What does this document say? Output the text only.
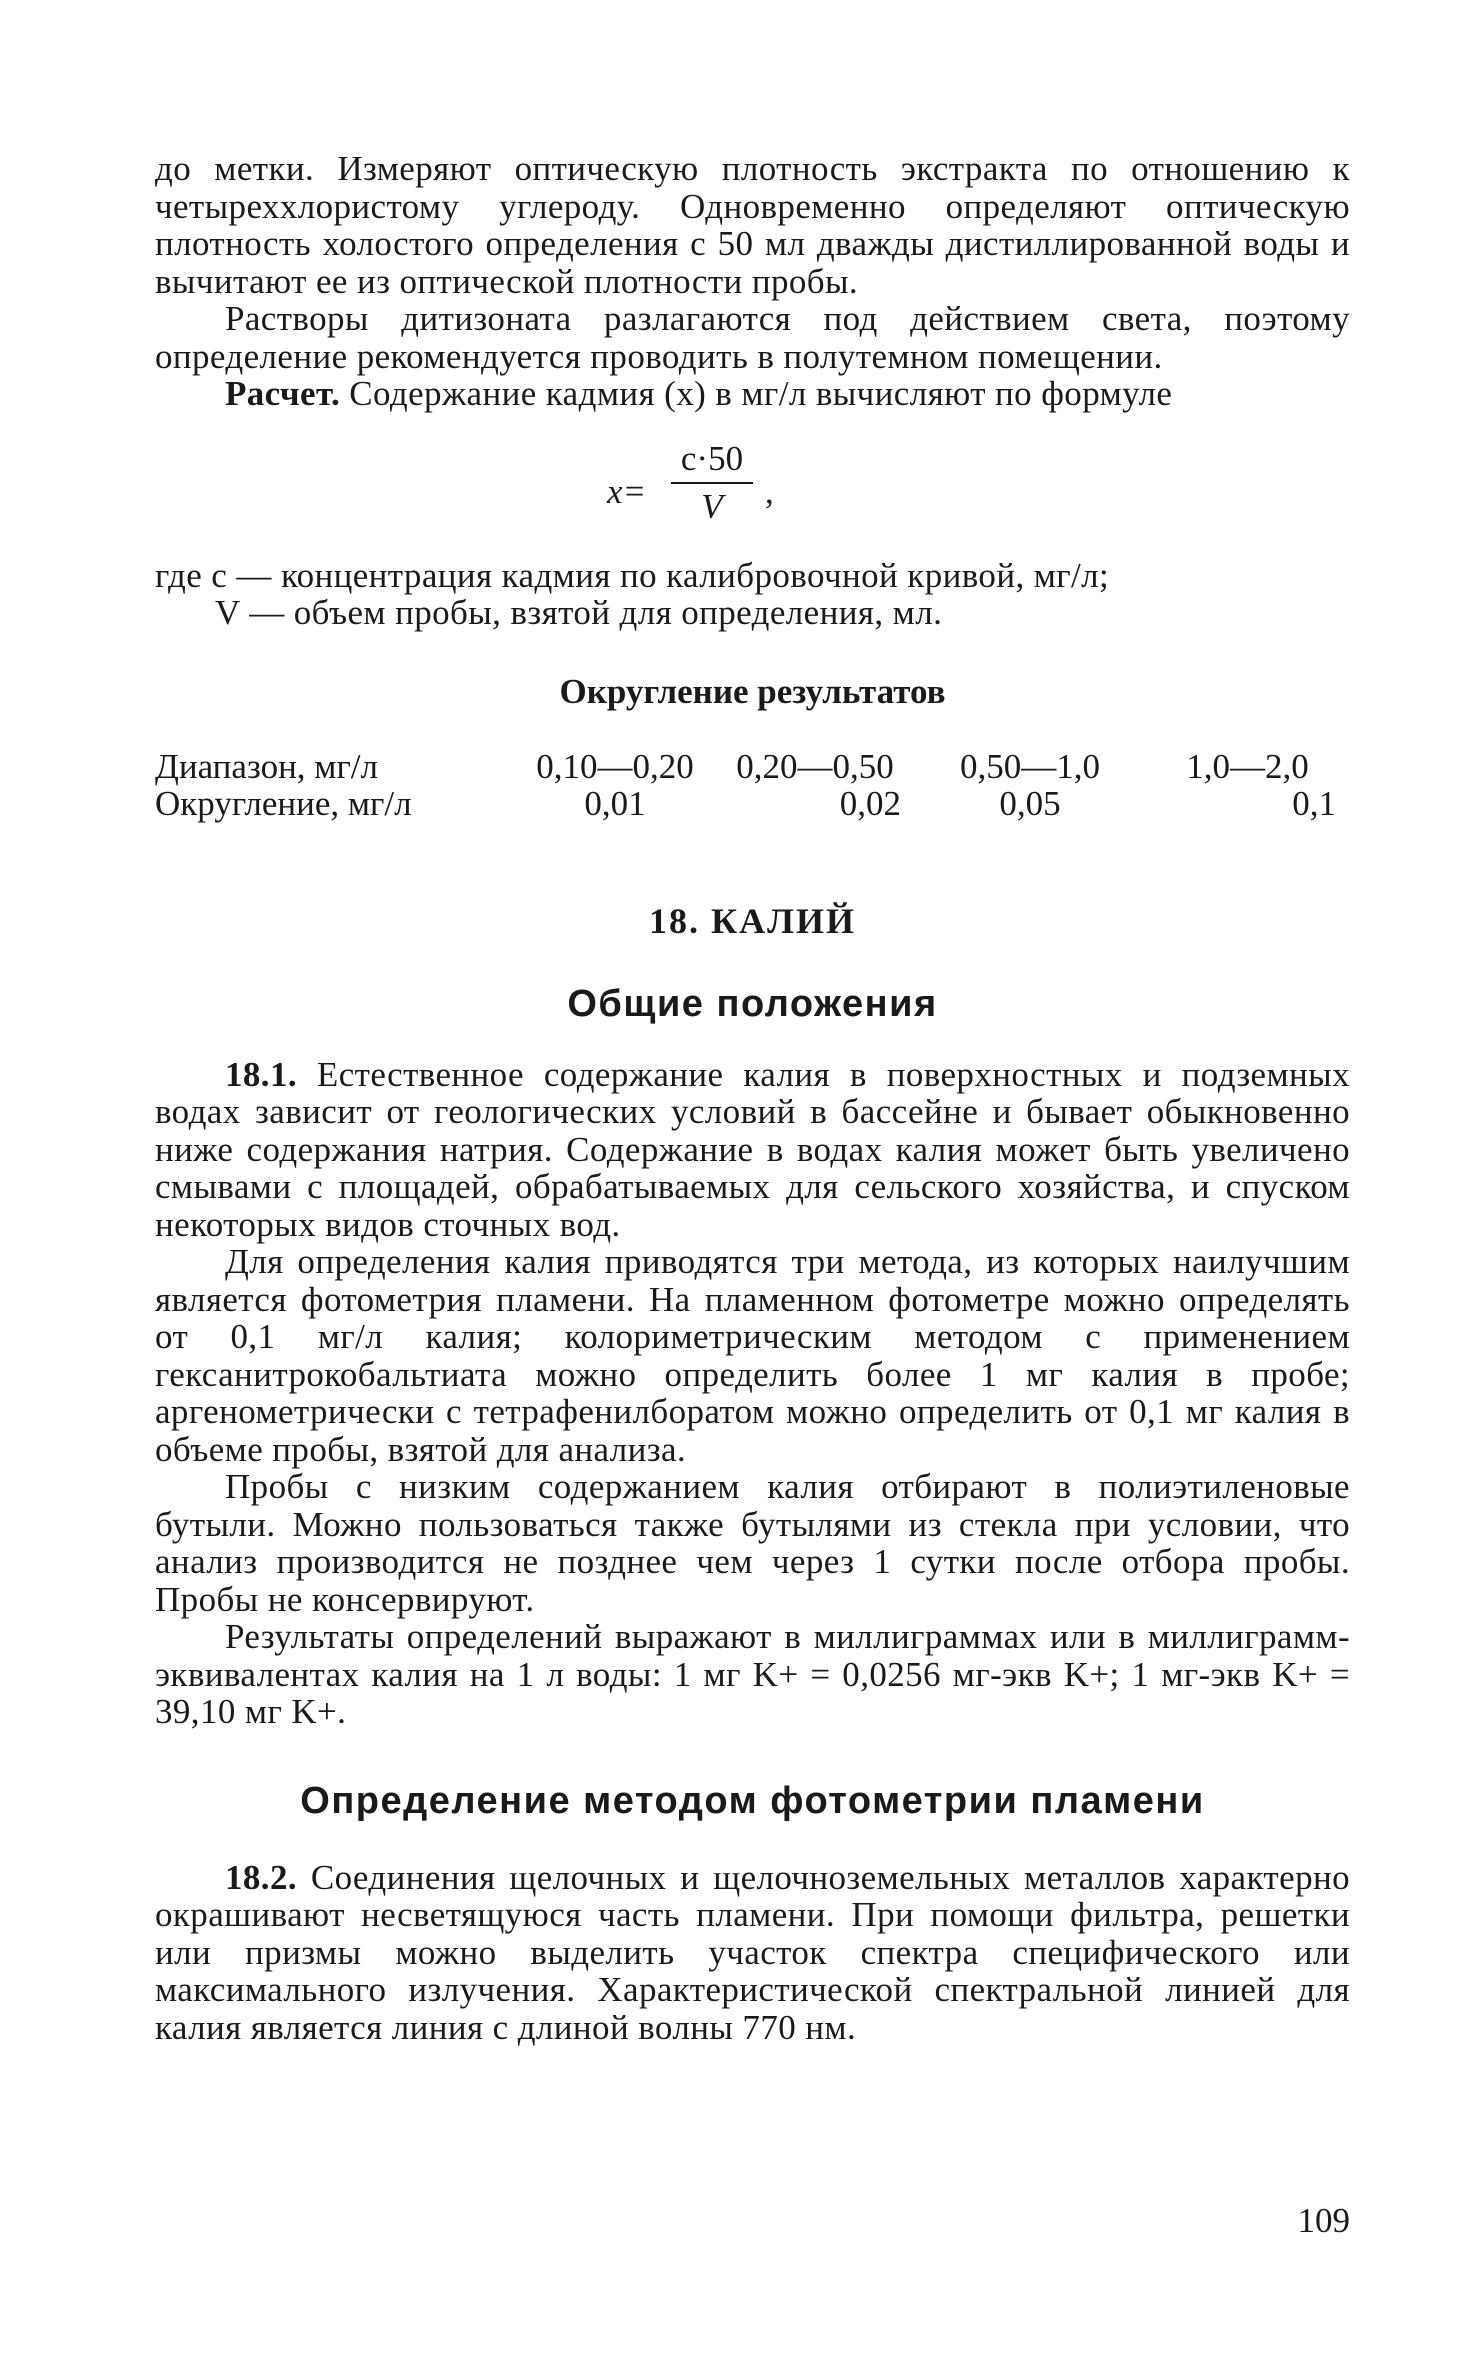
до метки. Измеряют оптическую плотность экстракта по отношению к четыреххлористому углероду. Одновременно определяют оптическую плотность холостого определения с 50 мл дважды дистиллированной воды и вычитают ее из оптической плотности пробы.

Растворы дитизоната разлагаются под действием света, поэтому определение рекомендуется проводить в полутемном помещении.

Расчет. Содержание кадмия (x) в мг/л вычисляют по формуле

x=
c·50
V	,

где c — концентрация кадмия по калибровочной кривой, мг/л;

V — объем пробы, взятой для определения, мл.

Округление результатов
Диапазон, мг/л	0,10—0,20	0,20—0,50	0,50—1,0	1,0—2,0
Округление, мг/л	0,01	0,02	0,05	0,1
18. КАЛИЙ
Общие положения

18.1. Естественное содержание калия в поверхностных и подземных водах зависит от геологических условий в бассейне и бывает обыкновенно ниже содержания натрия. Содержание в водах калия может быть увеличено смывами с площадей, обрабатываемых для сельского хозяйства, и спуском некоторых видов сточных вод.

Для определения калия приводятся три метода, из которых наилучшим является фотометрия пламени. На пламенном фотометре можно определять от 0,1 мг/л калия; колориметрическим методом с применением гексанитрокобальтиата можно определить более 1 мг калия в пробе; аргенометрически с тетрафенилборатом можно определить от 0,1 мг калия в объеме пробы, взятой для анализа.

Пробы с низким содержанием калия отбирают в полиэтиленовые бутыли. Можно пользоваться также бутылями из стекла при условии, что анализ производится не позднее чем через 1 сутки после отбора пробы. Пробы не консервируют.

Результаты определений выражают в миллиграммах или в миллиграмм-эквивалентах калия на 1 л воды: 1 мг K+ = 0,0256 мг-экв K+; 1 мг-экв K+ = 39,10 мг K+.

Определение методом фотометрии пламени

18.2. Соединения щелочных и щелочноземельных металлов характерно окрашивают несветящуюся часть пламени. При помощи фильтра, решетки или призмы можно выделить участок спектра специфического или максимального излучения. Характеристической спектральной линией для калия является линия с длиной волны 770 нм.

109
